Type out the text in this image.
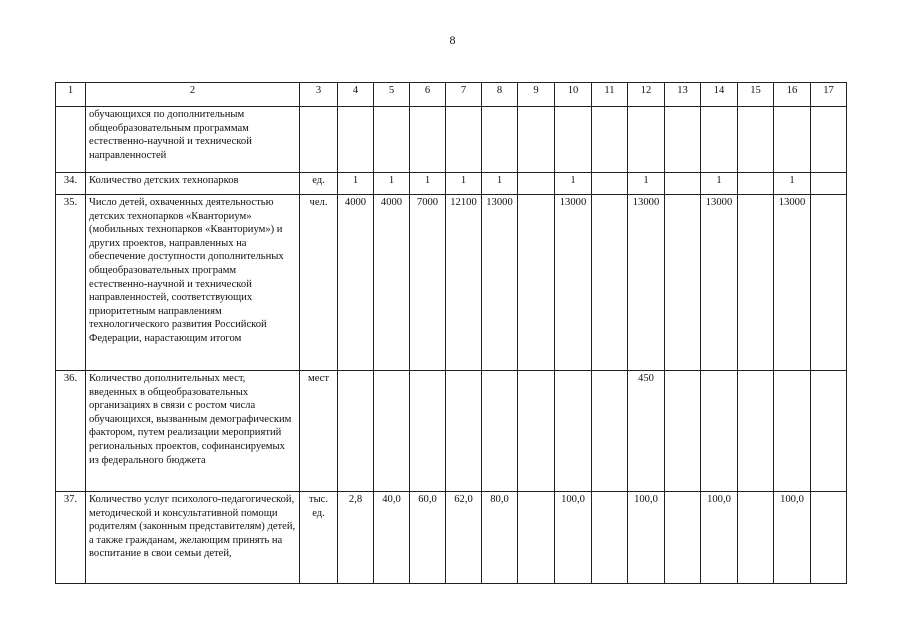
8
1	2	3	4	5	6	7	8	9	10	11	12	13	14	15	16	17
	обучающихся по дополнительным общеобразовательным программам естественно-научной и технической направленностей															
34.	Количество детских технопарков	ед.	1	1	1	1	1		1		1		1		1	
35.	Число детей, охваченных деятельностью детских технопарков «Кванториум» (мобильных технопарков «Кванториум») и других проектов, направленных на обеспечение доступности дополнительных общеобразовательных программ естественно-научной и технической направленностей, соответствующих приоритетным направлениям технологического развития Российской Федерации, нарастающим итогом	чел.	4000	4000	7000	12100	13000		13000		13000		13000		13000	
36.	Количество дополнительных мест, введенных в общеобразовательных организациях в связи с ростом числа обучающихся, вызванным демографическим фактором, путем реализации мероприятий региональных проектов, софинансируемых из федерального бюджета	мест									450					
37.	Количество услуг психолого-педагогической, методической и консультативной помощи родителям (законным представителям) детей, а также гражданам, желающим принять на воспитание в свои семьи детей,	тыс. ед.	2,8	40,0	60,0	62,0	80,0		100,0		100,0		100,0		100,0	
